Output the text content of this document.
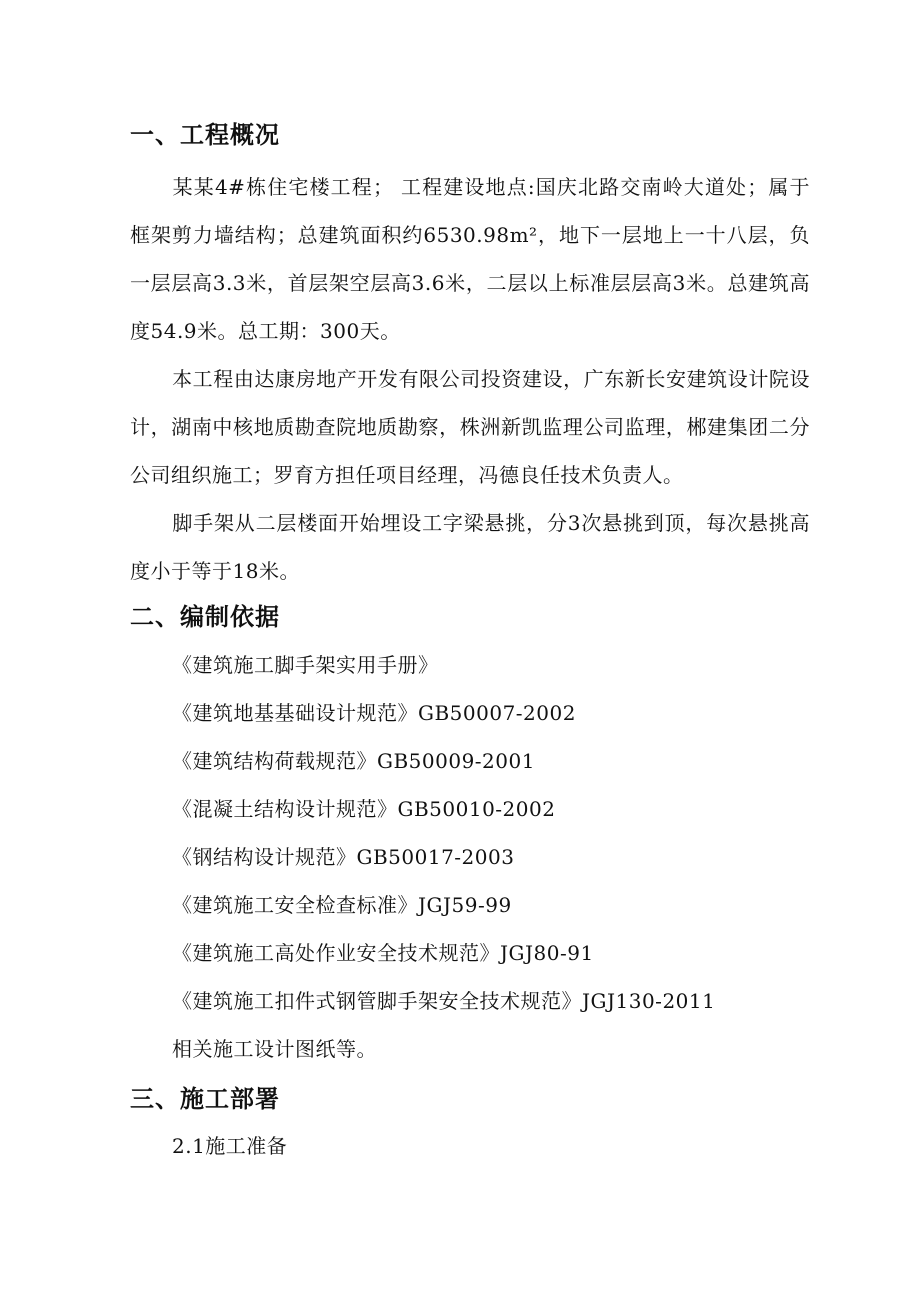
一、工程概况

某某4#栋住宅楼工程； 工程建设地点:国庆北路交南岭大道处；属于框架剪力墙结构；总建筑面积约6530.98m²，地下一层地上一十八层，负一层层高3.3米，首层架空层高3.6米，二层以上标准层层高3米。总建筑高度54.9米。总工期：300天。

本工程由达康房地产开发有限公司投资建设，广东新长安建筑设计院设计，湖南中核地质勘查院地质勘察，株洲新凯监理公司监理，郴建集团二分公司组织施工；罗育方担任项目经理，冯德良任技术负责人。

脚手架从二层楼面开始埋设工字梁悬挑，分3次悬挑到顶，每次悬挑高度小于等于18米。

二、编制依据

《建筑施工脚手架实用手册》

《建筑地基基础设计规范》GB50007-2002

《建筑结构荷载规范》GB50009-2001

《混凝土结构设计规范》GB50010-2002

《钢结构设计规范》GB50017-2003

《建筑施工安全检查标准》JGJ59-99

《建筑施工高处作业安全技术规范》JGJ80-91

《建筑施工扣件式钢管脚手架安全技术规范》JGJ130-2011

相关施工设计图纸等。

三、施工部署

2.1施工准备
